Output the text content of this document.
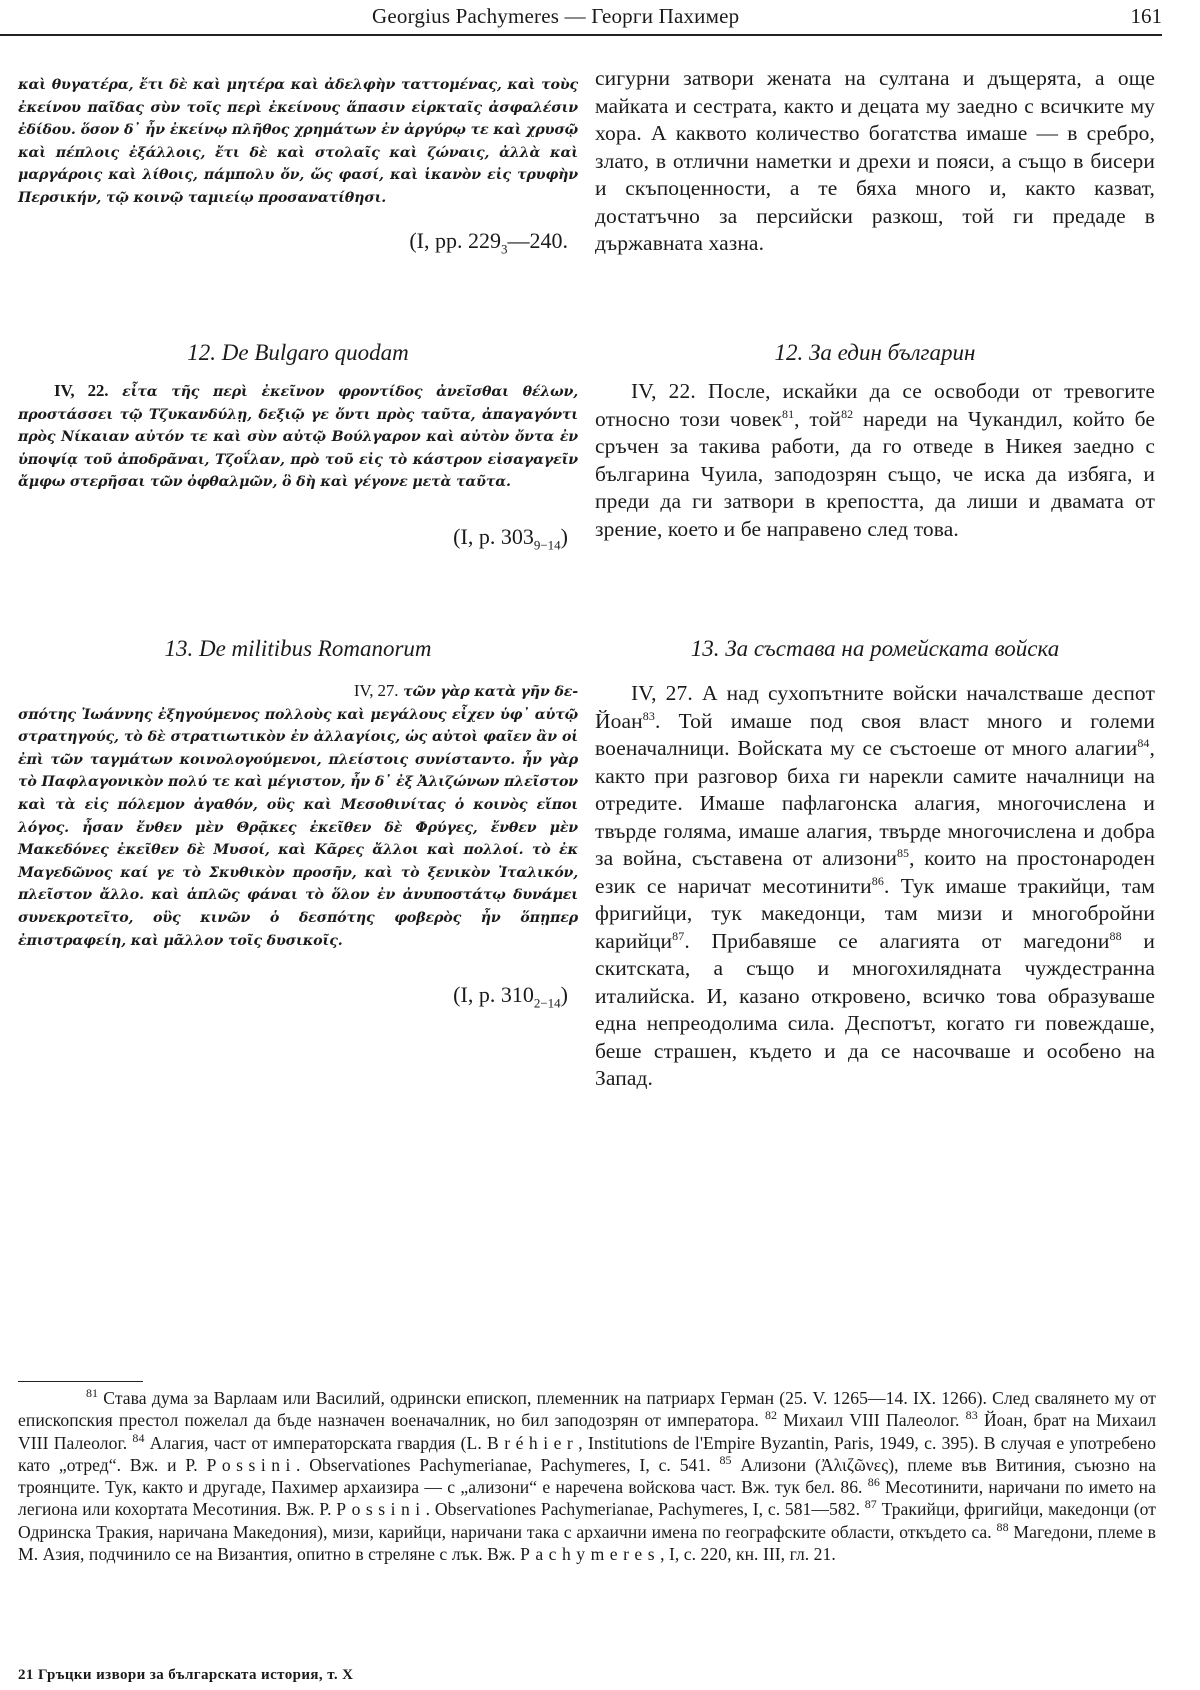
Georgius Pachymeres — Георги Пахимер	161

καὶ θυγατέρα, ἔτι δὲ καὶ μητέρα καὶ ἀδελφὴν ταττομένας, καὶ τοὺς ἐκείνου παῖδας σὺν τοῖς περὶ ἐκείνους ἅπασιν εἱρκταῖς ἀσφαλέσιν ἐδίδου. ὅσον δ᾽ ἦν ἐκείνῳ πλῆθος χρημάτων ἐν ἀργύρῳ τε καὶ χρυσῷ καὶ πέπλοις ἐξάλλοις, ἔτι δὲ καὶ στολαῖς καὶ ζώναις, ἀλλὰ καὶ μαργάροις καὶ λίθοις, πάμπολυ ὄν, ὥς φασί, καὶ ἱκανὸν εἰς τρυφὴν Περσικήν, τῷ κοινῷ ταμιείῳ προσανατίθησι.

(I, pp. $229_3—240$.

сигурни затвори жената на султана и дъщерята, а още майката и сестрата, както и децата му заедно с всичките му хора. А каквото количество богатства имаше — в сребро, злато, в отлични наметки и дрехи и пояси, а също в бисери и скъпоценности, а те бяха много и, както казват, достатъчно за персийски разкош, той ги предаде в държавната хазна.

12. De Bulgaro quodam

IV, 22. εἶτα τῆς περὶ ἐκεῖνον φροντίδος ἀνεῖσθαι θέλων, προστάσσει τῷ Τζυκανδύλῃ, δεξιῷ γε ὄντι πρὸς ταῦτα, ἀπαγαγόντι πρὸς Νίκαιαν αὐτόν τε καὶ σὺν αὐτῷ Βούλγαρον καὶ αὐτὸν ὄντα ἐν ὑποψίᾳ τοῦ ἀποδρᾶναι, Τζοΐλαν, πρὸ τοῦ εἰς τὸ κάστρον εἰσαγαγεῖν ἄμφω στερῆσαι τῶν ὀφθαλμῶν, ὃ δὴ καὶ γέγονε μετὰ ταῦτα.

(I, p. $303_{9-14}$)

12. За един българин

IV, 22. После, искайки да се освободи от тревогите относно този човек$^{81}$, той$^{82}$ нареди на Чукандил, който бе сръчен за такива работи, да го отведе в Никея заедно с българина Чуила, заподозрян също, че иска да избяга, и преди да ги затвори в крепостта, да лиши и двамата от зрение, което и бе направено след това.

13. De militibus Romanorum

IV, 27. τῶν γὰρ κατὰ γῆν δε-

σπότης Ἰωάννης ἐξηγούμενος πολλοὺς καὶ μεγάλους εἶχεν ὑφ᾽ αὑτῷ στρατηγούς, τὸ δὲ στρατιωτικὸν ἐν ἀλλαγίοις, ὡς αὐτοὶ φαῖεν ἂν οἱ ἐπὶ τῶν ταγμάτων κοινολογούμενοι, πλείστοις συνίσταντο. ἦν γὰρ τὸ Παφλαγονικὸν πολύ τε καὶ μέγιστον, ἦν δ᾽ ἐξ Ἀλιζώνων πλεῖστον καὶ τὰ εἰς πόλεμον ἀγαθόν, οὓς καὶ Μεσοθινίτας ὁ κοινὸς εἴποι λόγος. ἦσαν ἔνθεν μὲν Θρᾷκες ἐκεῖθεν δὲ Φρύγες, ἔνθεν μὲν Μακεδόνες ἐκεῖθεν δὲ Μυσοί, καὶ Κᾶρες ἄλλοι καὶ πολλοί. τὸ ἐκ Μαγεδῶνος καί γε τὸ Σκυθικὸν προσῆν, καὶ τὸ ξενικὸν Ἰταλικόν, πλεῖστον ἄλλο. καὶ ἁπλῶς φάναι τὸ ὅλον ἐν ἀνυποστάτῳ δυνάμει συνεκροτεῖτο, οὓς κινῶν ὁ δεσπότης φοβερὸς ἦν ὅπῃπερ ἐπιστραφείη, καὶ μᾶλλον τοῖς δυσικοῖς.

(I, p. $310_{2-14}$)

13. За състава на ромейската войска

IV, 27. А над сухопътните войски началстваше деспот Йоан$^{83}$. Той имаше под своя власт много и големи военачалници. Войската му се състоеше от много алагии$^{84}$, както при разговор биха ги нарекли самите началници на отредите. Имаше пафлагонска алагия, многочислена и твърде голяма, имаше алагия, твърде многочислена и добра за война, съставена от ализони$^{85}$, които на простонароден език се наричат месотинити$^{86}$. Тук имаше тракийци, там фригийци, тук македонци, там мизи и многобройни карийци$^{87}$. Прибавяше се алагията от магедони$^{88}$ и скитската, а също и многохилядната чуждестранна италийска. И, казано откровено, всичко това образуваше една непреодолима сила. Деспотът, когато ги повеждаше, беше страшен, където и да се насочваше и особено на Запад.

$^{81}$ Става дума за Варлаам или Василий, одрински епископ, племенник на патриарх Герман (25. V. 1265—14. IX. 1266). След свалянето му от епископския престол пожелал да бъде назначен военачалник, но бил заподозрян от императора. $^{82}$ Михаил VIII Палеолог. $^{83}$ Йоан, брат на Михаил VIII Палеолог. $^{84}$ Алагия, част от императорската гвардия (L. Bréhier, Institutions de l'Empire Byzantin, Paris, 1949, с. 395). В случая е употребено като „отред“. Вж. и P. Possini. Observationes Pachymerianae, Pachymeres, I, с. 541. $^{85}$ Ализони (Ἀλιζῶνες), племе във Витиния, съюзно на троянците. Тук, както и другаде, Пахимер архаизира — с „ализони“ е наречена войскова част. Вж. тук бел. 86. $^{86}$ Месотинити, наричани по името на легиона или кохортата Месотиния. Вж. P. Possini. Observationes Pachymerianae, Pachymeres, I, с. 581—582. $^{87}$ Тракийци, фригийци, македонци (от Одринска Тракия, наричана Македония), мизи, карийци, наричани така с архаични имена по географските области, откъдето са. $^{88}$ Магедони, племе в М. Азия, подчинило се на Византия, опитно в стреляне с лък. Вж. Pachymeres, I, с. 220, кн. III, гл. 21.

21 Гръцки извори за българската история, т. X
